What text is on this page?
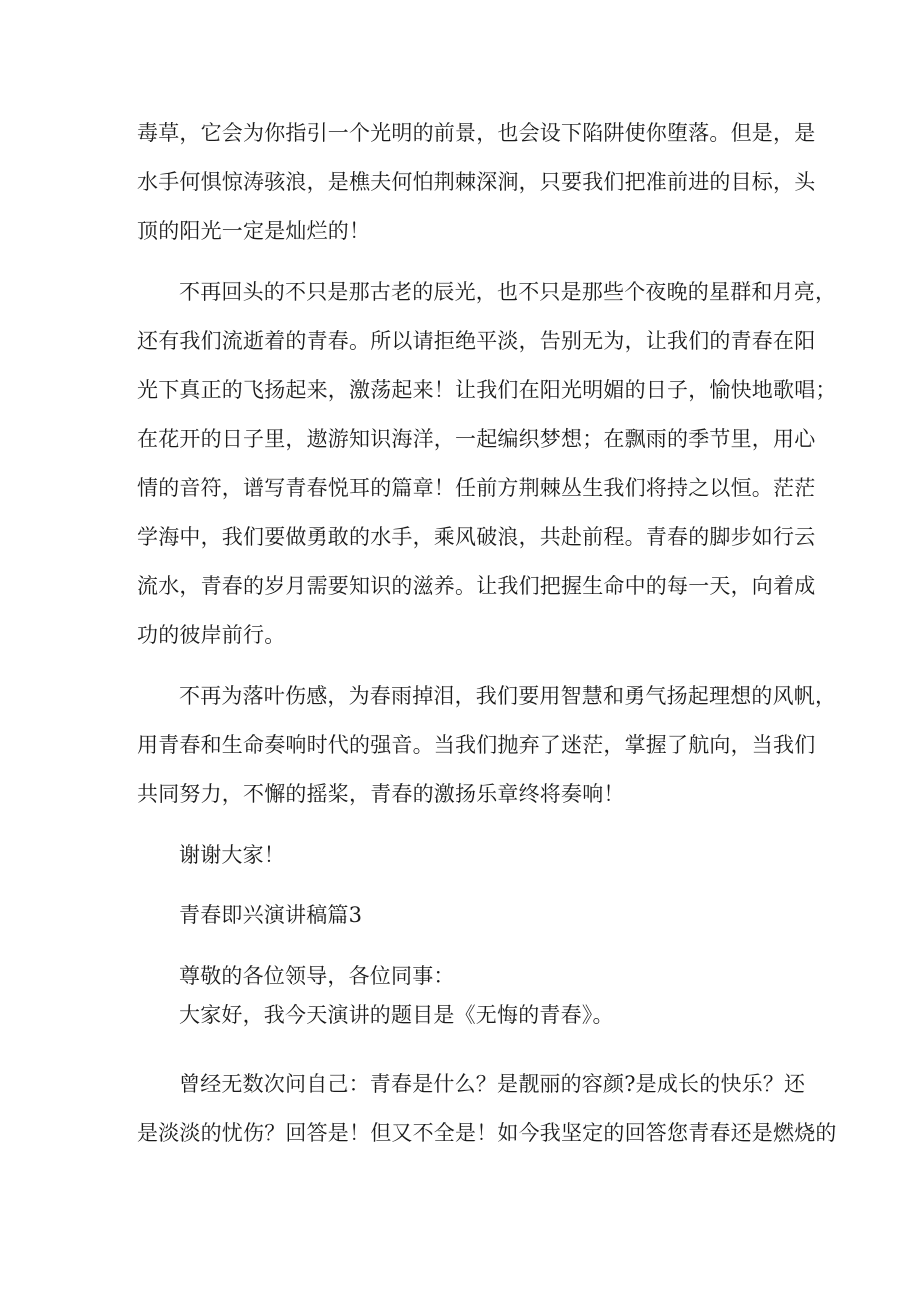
毒草，它会为你指引一个光明的前景，也会设下陷阱使你堕落。但是，是
水手何惧惊涛骇浪，是樵夫何怕荆棘深涧，只要我们把准前进的目标，头
顶的阳光一定是灿烂的！
不再回头的不只是那古老的辰光，也不只是那些个夜晚的星群和月亮，
还有我们流逝着的青春。所以请拒绝平淡，告别无为，让我们的青春在阳
光下真正的飞扬起来，激荡起来！让我们在阳光明媚的日子，愉快地歌唱；
在花开的日子里，遨游知识海洋，一起编织梦想；在飘雨的季节里，用心
情的音符，谱写青春悦耳的篇章！任前方荆棘丛生我们将持之以恒。茫茫
学海中，我们要做勇敢的水手，乘风破浪，共赴前程。青春的脚步如行云
流水，青春的岁月需要知识的滋养。让我们把握生命中的每一天，向着成
功的彼岸前行。
不再为落叶伤感，为春雨掉泪，我们要用智慧和勇气扬起理想的风帆，
用青春和生命奏响时代的强音。当我们抛弃了迷茫，掌握了航向，当我们
共同努力，不懈的摇桨，青春的激扬乐章终将奏响！
谢谢大家！
青春即兴演讲稿篇3
尊敬的各位领导，各位同事：
大家好，我今天演讲的题目是《无悔的青春》。
曾经无数次问自己：青春是什么？是靓丽的容颜?是成长的快乐？还
是淡淡的忧伤？回答是！但又不全是！如今我坚定的回答您青春还是燃烧的
